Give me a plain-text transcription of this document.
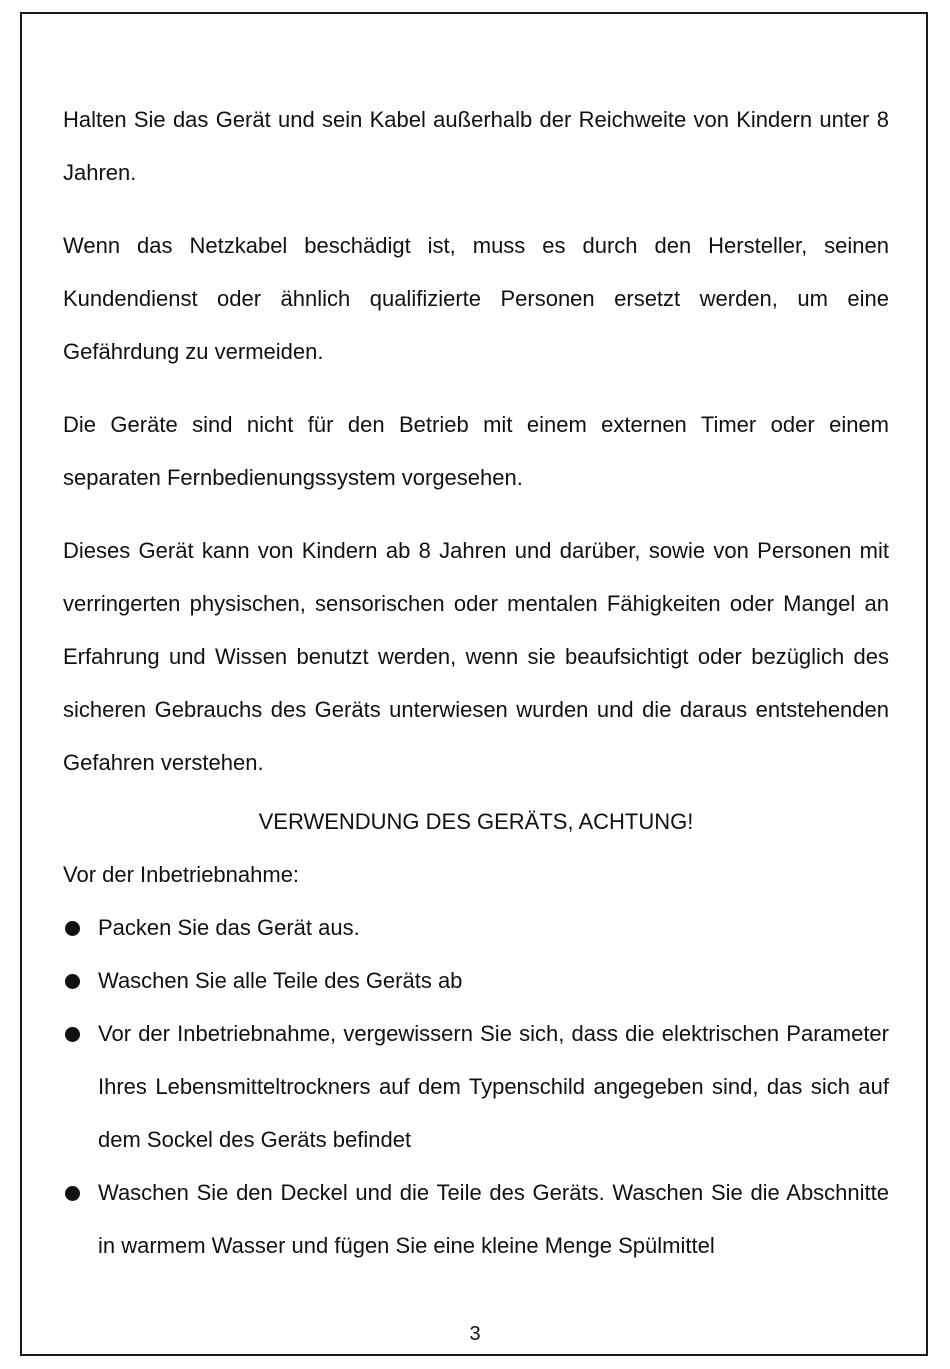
Halten Sie das Gerät und sein Kabel außerhalb der Reichweite von Kindern unter 8 Jahren.

Wenn das Netzkabel beschädigt ist, muss es durch den Hersteller, seinen Kundendienst oder ähnlich qualifizierte Personen ersetzt werden, um eine Gefährdung zu vermeiden.

Die Geräte sind nicht für den Betrieb mit einem externen Timer oder einem separaten Fernbedienungssystem vorgesehen.

Dieses Gerät kann von Kindern ab 8 Jahren und darüber, sowie von Personen mit verringerten physischen, sensorischen oder mentalen Fähigkeiten oder Mangel an Erfahrung und Wissen benutzt werden, wenn sie beaufsichtigt oder bezüglich des sicheren Gebrauchs des Geräts unterwiesen wurden und die daraus entstehenden Gefahren verstehen.

VERWENDUNG DES GERÄTS, ACHTUNG!

Vor der Inbetriebnahme:

Packen Sie das Gerät aus.
Waschen Sie alle Teile des Geräts ab
Vor der Inbetriebnahme, vergewissern Sie sich, dass die elektrischen Parameter Ihres Lebensmitteltrockners auf dem Typenschild angegeben sind, das sich auf dem Sockel des Geräts befindet
Waschen Sie den Deckel und die Teile des Geräts. Waschen Sie die Abschnitte in warmem Wasser und fügen Sie eine kleine Menge Spülmittel
3
